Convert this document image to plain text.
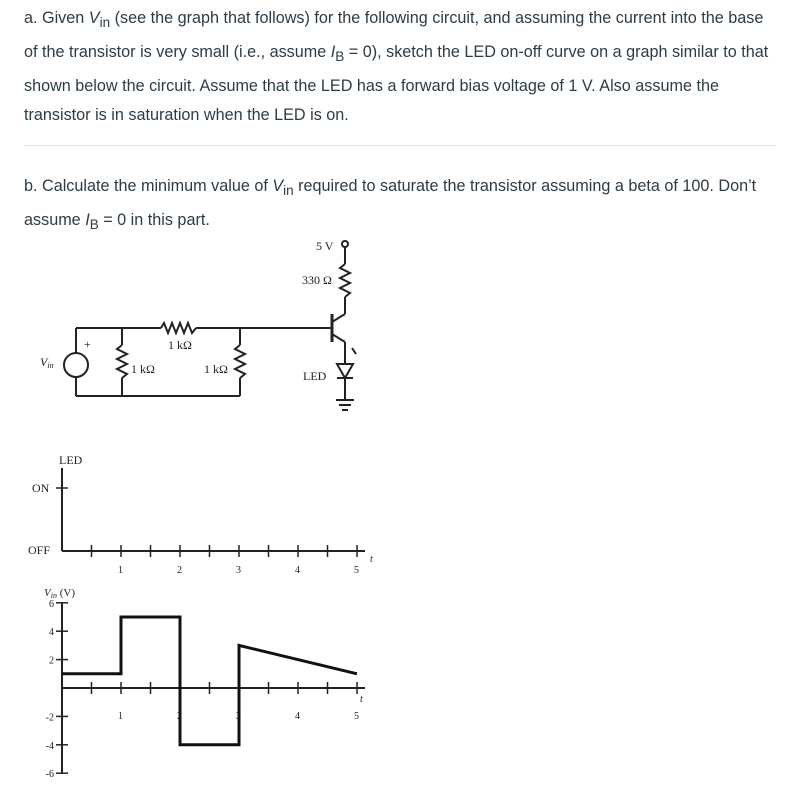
a. Given $V_{in}$ (see the graph that follows) for the following circuit, and assuming the current into the base of the transistor is very small (i.e., assume $I_B = 0$), sketch the LED on-off curve on a graph similar to that shown below the circuit. Assume that the LED has a forward bias voltage of 1 V. Also assume the transistor is in saturation when the LED is on.

b. Calculate the minimum value of $V_{in}$ required to saturate the transistor assuming a beta of 100. Don’t assume $I_B = 0$ in this part.

5 V
330 Ω
1 kΩ
1 kΩ	1 kΩ	LED
+
Vin
LED
ON
OFF
t
1	2	3	4	5
Vin (V)
t
6
4
2
-2
-4
-6
1	2	3	4	5
